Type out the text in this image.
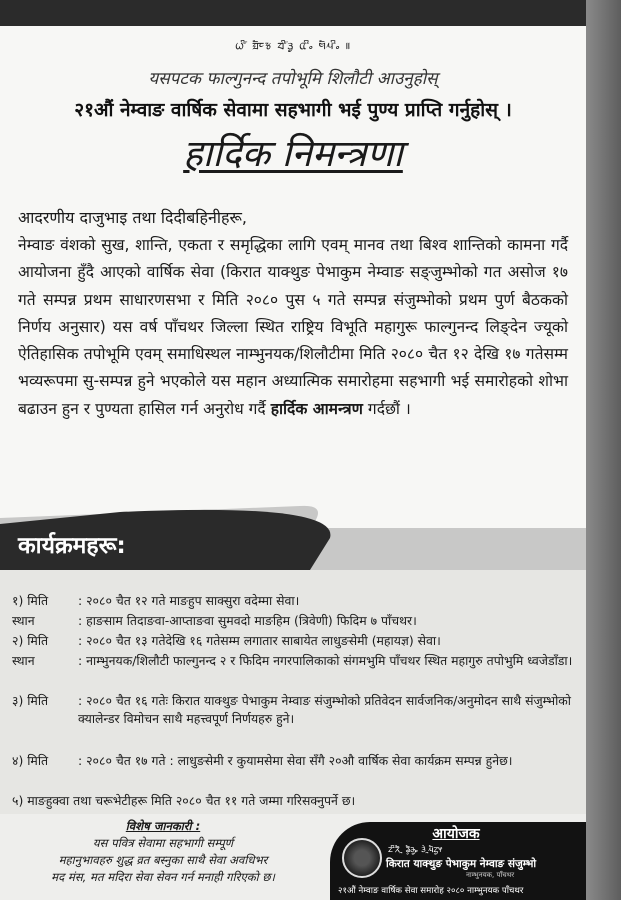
ᤐᤡ᤺ ᤀᤠᤰᤃ ᤔᤡ᤺ᤋᤢ ᤂᤡᤱ ᤗᤠᤘᤡᤱ ॥
यसपटक फाल्गुनन्द तपोभूमि शिलौटी आउनुहोस्
२१औं नेम्वाङ वार्षिक सेवामा सहभागी भई पुण्य प्राप्ति गर्नुहोस् ।
हार्दिक निमन्त्रणा
आदरणीय दाजुभाइ तथा दिदीबहिनीहरू,
नेम्वाङ वंशको सुख, शान्ति, एकता र समृद्धिका लागि एवम् मानव तथा बिश्व शान्तिको कामना गर्दै आयोजना हुँदै आएको वार्षिक सेवा (किरात याक्थुङ पेभाकुम नेम्वाङ सङ्जुम्भोको गत असोज १७ गते सम्पन्न प्रथम साधारणसभा र मिति २०८० पुस ५ गते सम्पन्न संजुम्भोको प्रथम पुर्ण बैठकको निर्णय अनुसार) यस वर्ष पाँचथर जिल्ला स्थित राष्ट्रिय विभूति महागुरू फाल्गुनन्द लिङ्देन ज्यूको ऐतिहासिक तपोभूमि एवम् समाधिस्थल नाम्भुनयक/शिलौटीमा मिति २०८० चैत १२ देखि १७ गतेसम्म भव्यरूपमा सु-सम्पन्न हुने भएकोले यस महान अध्यात्मिक समारोहमा सहभागी भई समारोहको शोभा बढाउन हुन र पुण्यता हासिल गर्न अनुरोध गर्दै हार्दिक आमन्त्रण गर्दछौं ।
कार्यक्रमहरू:
१) मिति	: २०८० चैत १२ गते माङहुप साक्सुरा वदेम्मा सेवा।
स्थान	: हाङसाम तिदाङवा-आप्ताङवा सुमवदो माङहिम (त्रिवेणी) फिदिम ७ पाँचथर।
२) मिति	: २०८० चैत १३ गतेदेखि १६ गतेसम्म लगातार साबायेत लाधुङसेमी (महायज्ञ) सेवा।
स्थान	: नाम्भुनयक/शिलौटी फाल्गुनन्द २ र फिदिम नगरपालिकाको संगमभुमि पाँचथर स्थित महागुरु तपोभुमि ध्वजेडाँडा।
३) मिति	: २०८० चैत १६ गतेः किरात याक्थुङ पेभाकुम नेम्वाङ संजुम्भोको प्रतिवेदन सार्वजनिक/अनुमोदन साथै संजुम्भोको क्यालेन्डर विमोचन साथै महत्त्वपूर्ण निर्णयहरु हुने।
४) मिति	: २०८० चैत १७ गते : लाधुङसेमी र कुयामसेमा सेवा सँगै २०औ वार्षिक सेवा कार्यक्रम सम्पन्न हुनेछ।
५) माङहुक्वा तथा चरूभेटीहरू मिति २०८० चैत ११ गते जम्मा गरिसक्नुपर्ने छ।
विशेष जानकारी :
यस पवित्र सेवामा सहभागी सम्पूर्ण
महानुभावहरु शुद्ध व्रत बस्नुका साथै सेवा अवधिभर
मद मंस, मत मदिरा सेवा सेवन गर्न मनाही गरिएको छ।
आयोजक
ᤁᤡᤖᤠᤳ ᤕᤠᤲᤌᤢᤱ ᤋᤧᤳᤘᤠᤁᤢᤶ
किरात याक्थुङ पेभाकुम नेम्वाङ संजुम्भो
नाम्भुनयक, पाँचथर
२१औं नेम्वाङ वार्षिक सेवा समारोह २०८० नाम्भुनयक पाँचथर
